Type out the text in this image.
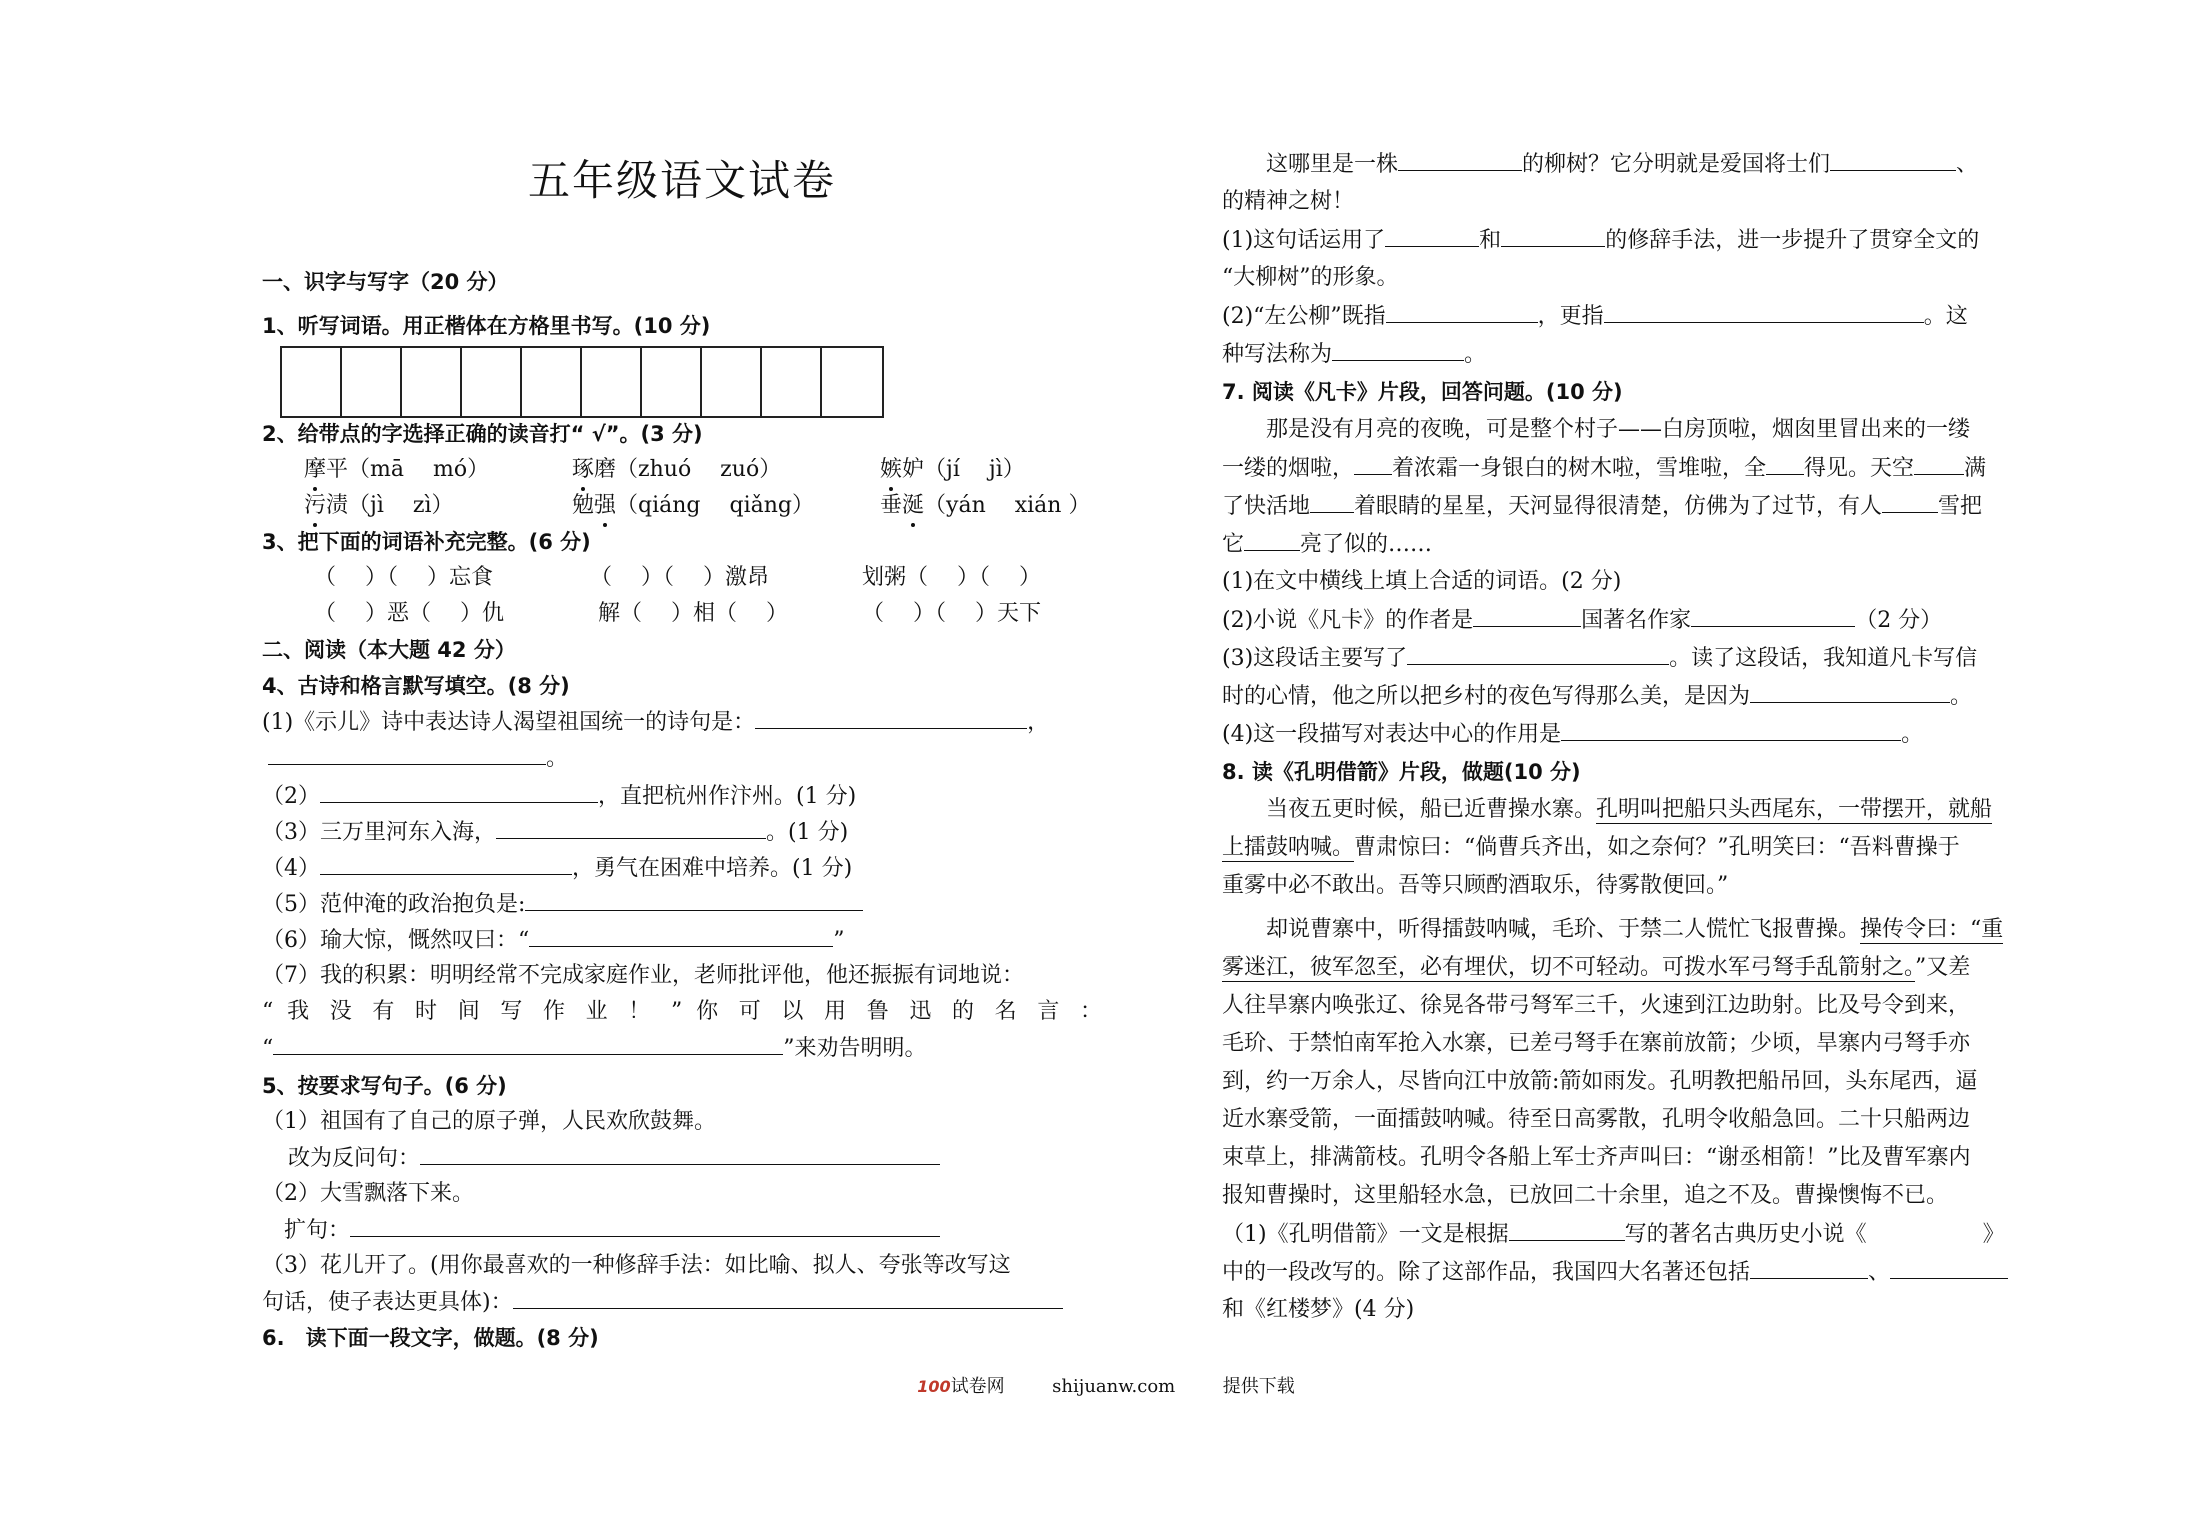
五年级语文试卷
一、识字与写字（20 分）
1、听写词语。用正楷体在方格里书写。(10 分)
2、给带点的字选择正确的读音打“ √”。(3 分)
摩平（mā　 mó）	琢磨（zhuó　 zuó）	嫉妒（jí　 jì）
污渍（jì　 zì）	勉强（qiáng　 qiǎng）	垂涎（yán　 xián ）
3、把下面的词语补充完整。(6 分)
（　 ）（　 ）忘食	（　 ）（　 ）激昂	划粥（　 ）（　 ）
（　 ）恶（　 ）仇	解（　 ）相（　 ）	（　 ）（　 ）天下
二、阅读（本大题 42 分）
4、古诗和格言默写填空。(8 分)
(1)《示儿》诗中表达诗人渴望祖国统一的诗句是：	，
。
（2）	，直把杭州作汴州。(1 分)
（3）三万里河东入海，	。(1 分)
（4）	，勇气在困难中培养。(1 分)
（5）范仲淹的政治抱负是:
（6）瑜大惊，慨然叹曰：“	”
（7）我的积累：明明经常不完成家庭作业，老师批评他，他还振振有词地说：
“ 我 没 有 时 间 写 作 业 ！ ” 你 可 以 用 鲁 迅 的 名 言 ：
“	”来劝告明明。
5、按要求写句子。(6 分)
（1）祖国有了自己的原子弹，人民欢欣鼓舞。
改为反问句：
（2）大雪飘落下来。
扩句：
（3）花儿开了。(用你最喜欢的一种修辞手法：如比喻、拟人、夸张等改写这
句话，使子表达更具体)：
6.　读下面一段文字，做题。(8 分)
这哪里是一株	的柳树？它分明就是爱国将士们	、
的精神之树！
(1)这句话运用了	和	的修辞手法，进一步提升了贯穿全文的
“大柳树”的形象。
(2)“左公柳”既指	，更指	。这
种写法称为	。
7. 阅读《凡卡》片段，回答问题。(10 分)
那是没有月亮的夜晚，可是整个村子——白房顶啦，烟囱里冒出来的一缕
一缕的烟啦， 着浓霜一身银白的树木啦，雪堆啦，全 得见。天空 满
了快活地 着眼睛的星星，天河显得很清楚，仿佛为了过节，有人	雪把
它	亮了似的……
(1)在文中横线上填上合适的词语。(2 分)
(2)小说《凡卡》的作者是	国著名作家	（2 分）
(3)这段话主要写了	。读了这段话，我知道凡卡写信
时的心情，他之所以把乡村的夜色写得那么美，是因为	。
(4)这一段描写对表达中心的作用是	。
8. 读《孔明借箭》片段，做题(10 分)
当夜五更时候，船已近曹操水寨。孔明叫把船只头西尾东，一带摆开，就船
上擂鼓呐喊。曹肃惊曰：“倘曹兵齐出，如之奈何？”孔明笑曰：“吾料曹操于
重雾中必不敢出。吾等只顾酌酒取乐，待雾散便回。”
却说曹寨中，听得擂鼓呐喊，毛玠、于禁二人慌忙飞报曹操。操传令曰：“重
雾迷江，彼军忽至，必有埋伏，切不可轻动。可拨水军弓弩手乱箭射之。”又差
人往旱寨内唤张辽、徐晃各带弓弩军三千，火速到江边助射。比及号令到来，
毛玠、于禁怕南军抢入水寨，已差弓弩手在寨前放箭；少顷，旱寨内弓弩手亦
到，约一万余人，尽皆向江中放箭:箭如雨发。孔明教把船吊回，头东尾西，逼
近水寨受箭，一面擂鼓呐喊。待至日高雾散，孔明令收船急回。二十只船两边
束草上，排满箭枝。孔明令各船上军士齐声叫曰：“谢丞相箭！”比及曹军寨内
报知曹操时，这里船轻水急，已放回二十余里，追之不及。曹操懊悔不已。
（1)《孔明借箭》一文是根据	写的著名古典历史小说《	》
中的一段改写的。除了这部作品，我国四大名著还包括	、
和《红楼梦》(4 分)
100试卷网	shijuanw.com	提供下载
